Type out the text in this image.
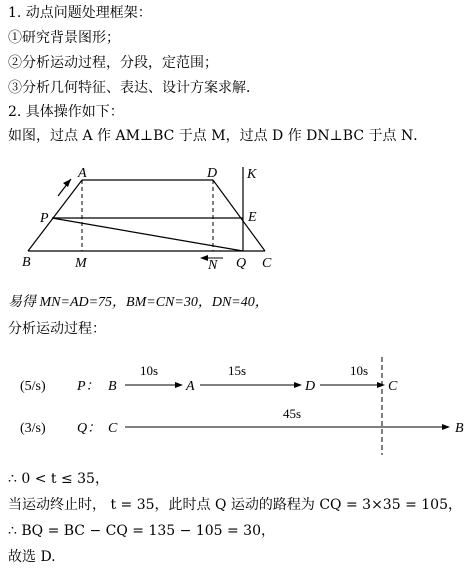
1. 动点问题处理框架：
①研究背景图形；
②分析运动过程，分段，定范围；
③分析几何特征、表达、设计方案求解．
2. 具体操作如下：
如图，过点 A 作 AM⊥BC 于点 M，过点 D 作 DN⊥BC 于点 N．
A	D K
P	E
B	M	N Q C
易得 MN=AD=75，BM=CN=30，DN=40，
分析运动过程：
(5/s) P： B
10s
A
15s
D
10s
C
(3/s) Q： C
45s
B
∴ 0 < t ≤ 35，
当运动终止时， t = 35，此时点 Q 运动的路程为 CQ = 3×35 = 105，
∴ BQ = BC − CQ = 135 − 105 = 30，
故选 D.
